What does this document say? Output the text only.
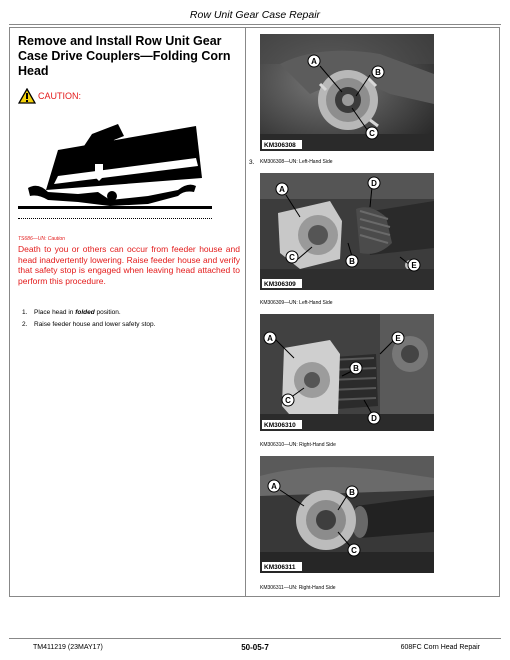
Row Unit Gear Case Repair
Remove and Install Row Unit Gear Case Drive Couplers—Folding Corn Head
CAUTION:
TS686—UN: Caution
Death to you or others can occur from feeder house and head inadvertently lowering. Raise feeder house and verify that safety stop is engaged when leaving head attached to perform this procedure.
1. Place head in folded position.
2. Raise feeder house and lower safety stop.
3.
A
B
C
KM306308
KM306308—UN: Left-Hand Side
A
B
C
D
E
KM306309
KM306309—UN: Left-Hand Side
A
B
C
D
E
KM306310
KM306310—UN: Right-Hand Side
A
B
C
KM306311
KM306311—UN: Right-Hand Side
TM411219 (23MAY17)	50-05-7	608FC Corn Head Repair
